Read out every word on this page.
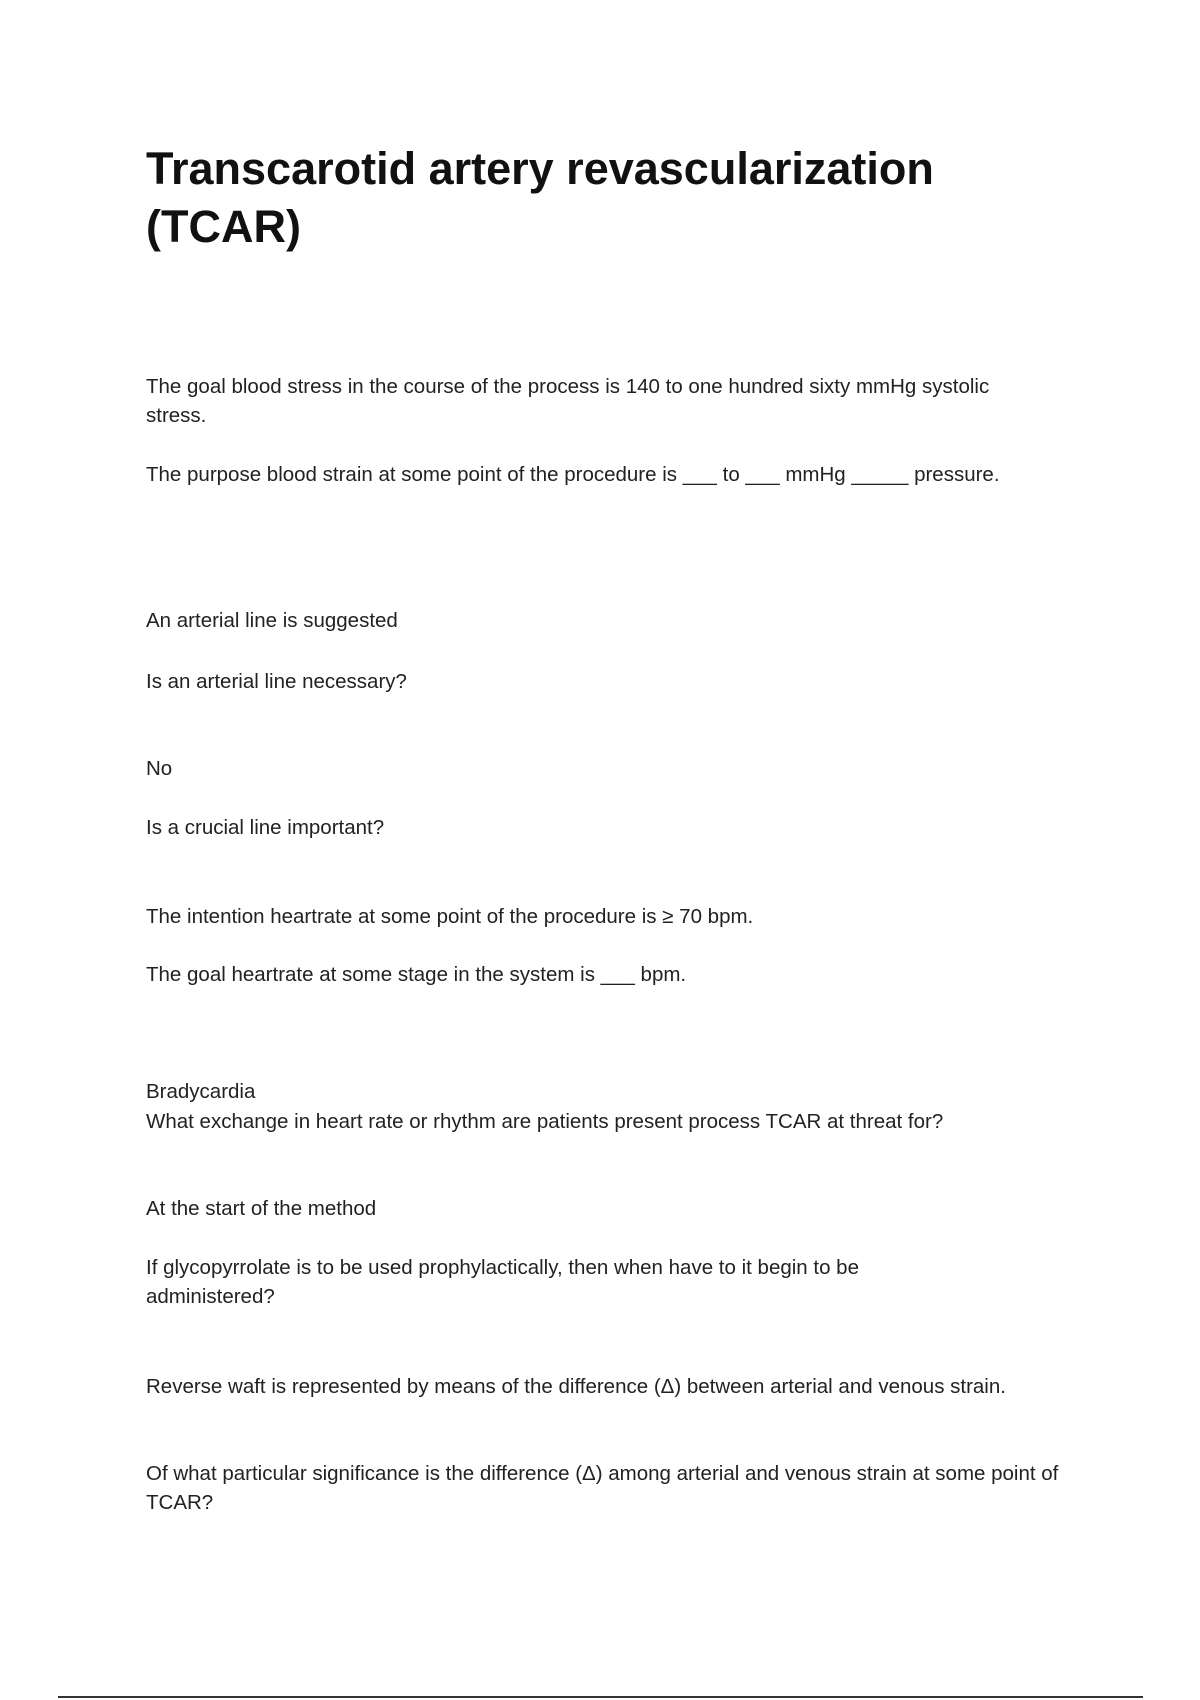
Transcarotid artery revascularization (TCAR)

The goal blood stress in the course of the process is 140 to one hundred sixty mmHg systolic stress.

The purpose blood strain at some point of the procedure is ___ to ___ mmHg _____ pressure.

An arterial line is suggested

Is an arterial line necessary?

No

Is a crucial line important?

The intention heartrate at some point of the procedure is ≥ 70 bpm.

The goal heartrate at some stage in the system is ___ bpm.

Bradycardia

What exchange in heart rate or rhythm are patients present process TCAR at threat for?

At the start of the method

If glycopyrrolate is to be used prophylactically, then when have to it begin to be administered?

Reverse waft is represented by means of the difference (Δ) between arterial and venous strain.

Of what particular significance is the difference (Δ) among arterial and venous strain at some point of TCAR?
